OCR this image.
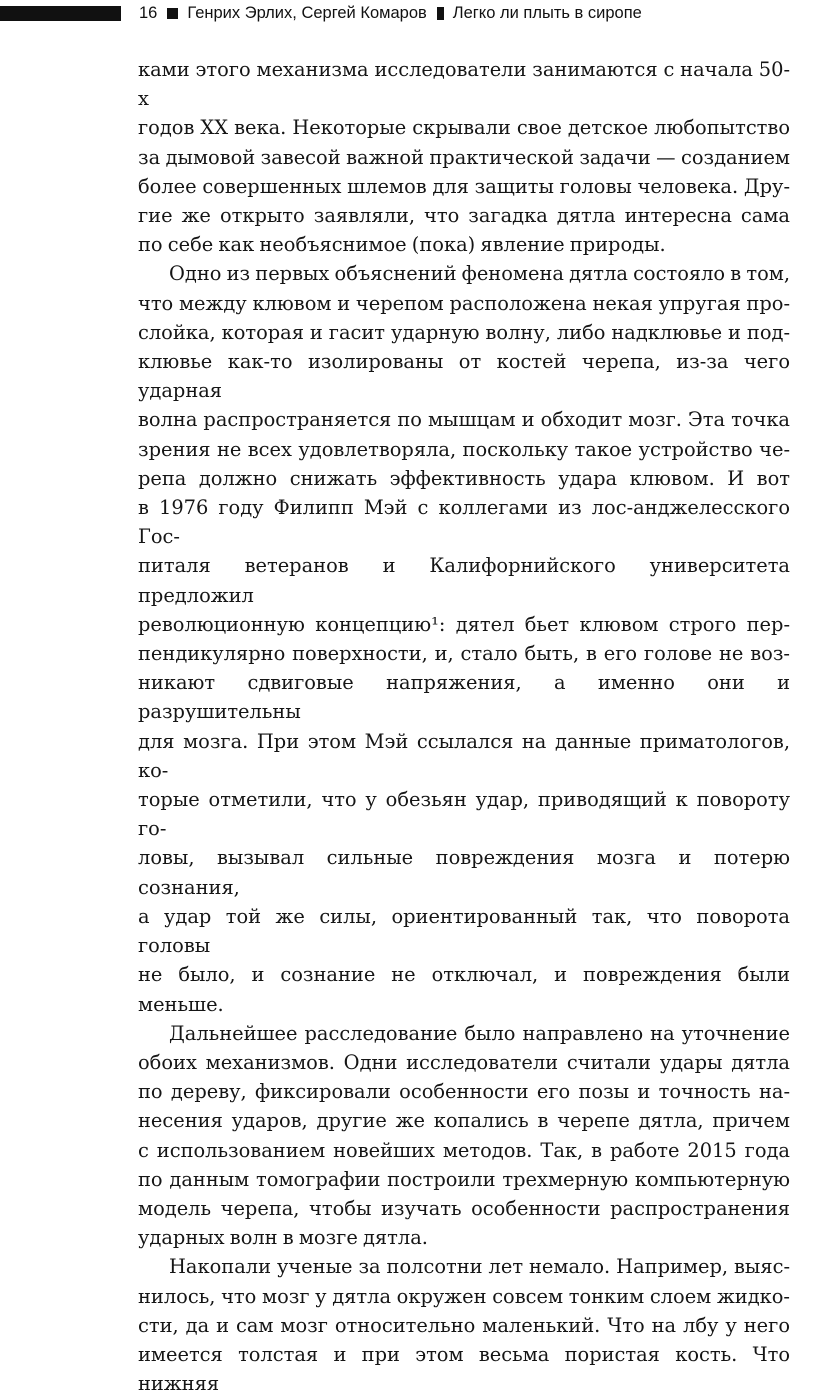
16 Генрих Эрлих, Сергей Комаров Легко ли плыть в сиропе

ками этого механизма исследователи занимаются с начала 50-х

годов XX века. Некоторые скрывали свое детское любопытство

за дымовой завесой важной практической задачи — созданием

более совершенных шлемов для защиты головы человека. Дру-

гие же открыто заявляли, что загадка дятла интересна сама

по себе как необъяснимое (пока) явление природы.

Одно из первых объяснений феномена дятла состояло в том,

что между клювом и черепом расположена некая упругая про-

слойка, которая и гасит ударную волну, либо надклювье и под-

клювье как-то изолированы от костей черепа, из-за чего ударная

волна распространяется по мышцам и обходит мозг. Эта точка

зрения не всех удовлетворяла, поскольку такое устройство че-

репа должно снижать эффективность удара клювом. И вот

в 1976 году Филипп Мэй с коллегами из лос-анджелесского Гос-

питаля ветеранов и Калифорнийского университета предложил

революционную концепцию¹: дятел бьет клювом строго пер-

пендикулярно поверхности, и, стало быть, в его голове не воз-

никают сдвиговые напряжения, а именно они и разрушительны

для мозга. При этом Мэй ссылался на данные приматологов, ко-

торые отметили, что у обезьян удар, приводящий к повороту го-

ловы, вызывал сильные повреждения мозга и потерю сознания,

а удар той же силы, ориентированный так, что поворота головы

не было, и сознание не отключал, и повреждения были меньше.

Дальнейшее расследование было направлено на уточнение

обоих механизмов. Одни исследователи считали удары дятла

по дереву, фиксировали особенности его позы и точность на-

несения ударов, другие же копались в черепе дятла, причем

с использованием новейших методов. Так, в работе 2015 года

по данным томографии построили трехмерную компьютерную

модель черепа, чтобы изучать особенности распространения

ударных волн в мозге дятла.

Накопали ученые за полсотни лет немало. Например, выяс-

нилось, что мозг у дятла окружен совсем тонким слоем жидко-

сти, да и сам мозг относительно маленький. Что на лбу у него

имеется толстая и при этом весьма пористая кость. Что нижняя
